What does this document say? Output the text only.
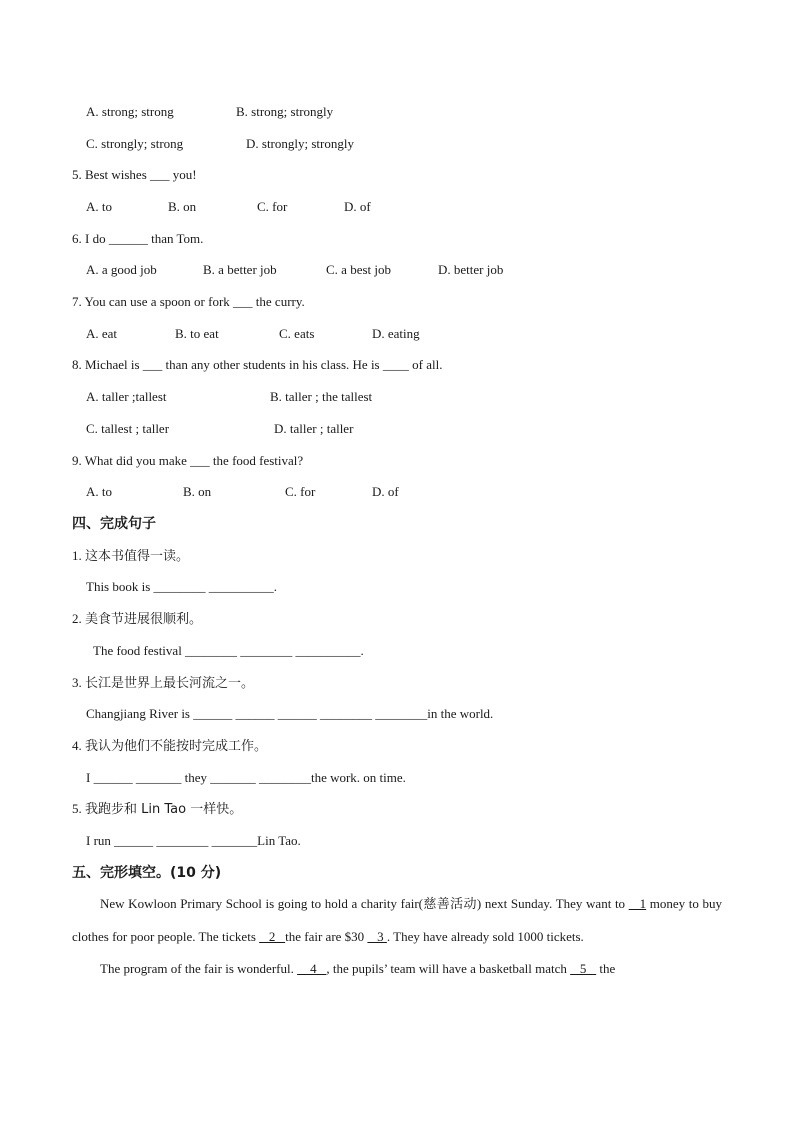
A. strong; strong	B. strong; strongly
C. strongly; strong	D. strongly; strongly
5. Best wishes ___ you!
A. to	B. on	C. for	D. of
6. I do ______ than Tom.
A. a good job	B. a better job	C. a best job	D. better job
7. You can use a spoon or fork ___ the curry.
A. eat	B. to eat	C. eats	D. eating
8. Michael is ___ than any other students in his class. He is ____ of all.
A. taller ;tallest	B. taller ; the tallest
C. tallest ; taller	D. taller ; taller
9. What did you make ___ the food festival?
A. to	B. on	C. for	D. of
四、完成句子
1. 这本书值得一读。
This book is ________ __________.
2. 美食节进展很顺利。
The food festival ________ ________ __________.
3. 长江是世界上最长河流之一。
Changjiang River is ______ ______ ______ ________ ________in the world.
4. 我认为他们不能按时完成工作。
I ______ _______ they _______ ________the work. on time.
5. 我跑步和 Lin Tao 一样快。
I run ______ ________ _______Lin Tao.
五、完形填空。(10 分)

New Kowloon Primary School is going to hold a charity fair(慈善活动) next Sunday. They want to    1 money to buy clothes for poor people. The tickets    2   the fair are $30    3 . They have already sold 1000 tickets.

The program of the fair is wonderful.     4   , the pupils’ team will have a basketball match    5    the
